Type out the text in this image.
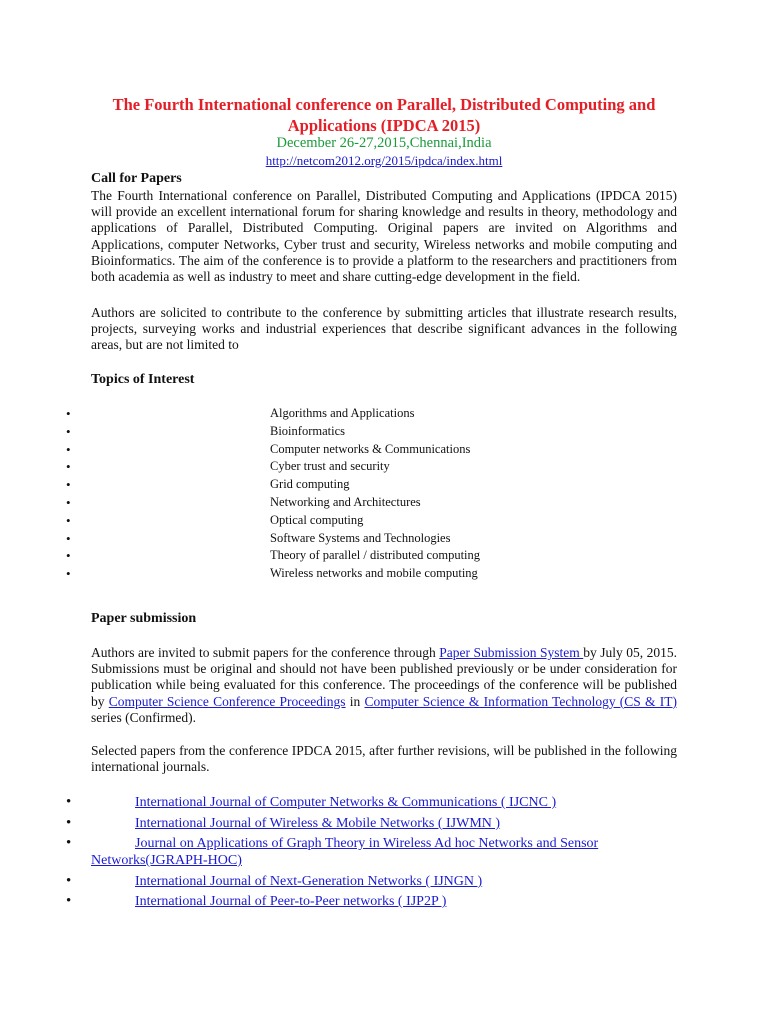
The Fourth International conference on Parallel, Distributed Computing and Applications (IPDCA 2015)
December 26-27,2015,Chennai,India
http://netcom2012.org/2015/ipdca/index.html
Call for Papers
The Fourth International conference on Parallel, Distributed Computing and Applications (IPDCA 2015) will provide an excellent international forum for sharing knowledge and results in theory, methodology and applications of Parallel, Distributed Computing. Original papers are invited on Algorithms and Applications, computer Networks, Cyber trust and security, Wireless networks and mobile computing and Bioinformatics. The aim of the conference is to provide a platform to the researchers and practitioners from both academia as well as industry to meet and share cutting-edge development in the field.
Authors are solicited to contribute to the conference by submitting articles that illustrate research results, projects, surveying works and industrial experiences that describe significant advances in the following areas, but are not limited to
Topics of Interest
•	Algorithms and Applications
•	Bioinformatics
•	Computer networks & Communications
•	Cyber trust and security
•	Grid computing
•	Networking and Architectures
•	Optical computing
•	Software Systems and Technologies
•	Theory of parallel / distributed computing
•	Wireless networks and mobile computing
Paper submission
Authors are invited to submit papers for the conference through Paper Submission System by July 05, 2015. Submissions must be original and should not have been published previously or be under consideration for publication while being evaluated for this conference. The proceedings of the conference will be published by Computer Science Conference Proceedings in Computer Science & Information Technology (CS & IT) series (Confirmed).
Selected papers from the conference IPDCA 2015, after further revisions, will be published in the following international journals.
•	International Journal of Computer Networks & Communications ( IJCNC )
•	International Journal of Wireless & Mobile Networks ( IJWMN )
•	Journal on Applications of Graph Theory in Wireless Ad hoc Networks and Sensor Networks(JGRAPH-HOC)
•	International Journal of Next-Generation Networks ( IJNGN )
•	International Journal of Peer-to-Peer networks ( IJP2P )
